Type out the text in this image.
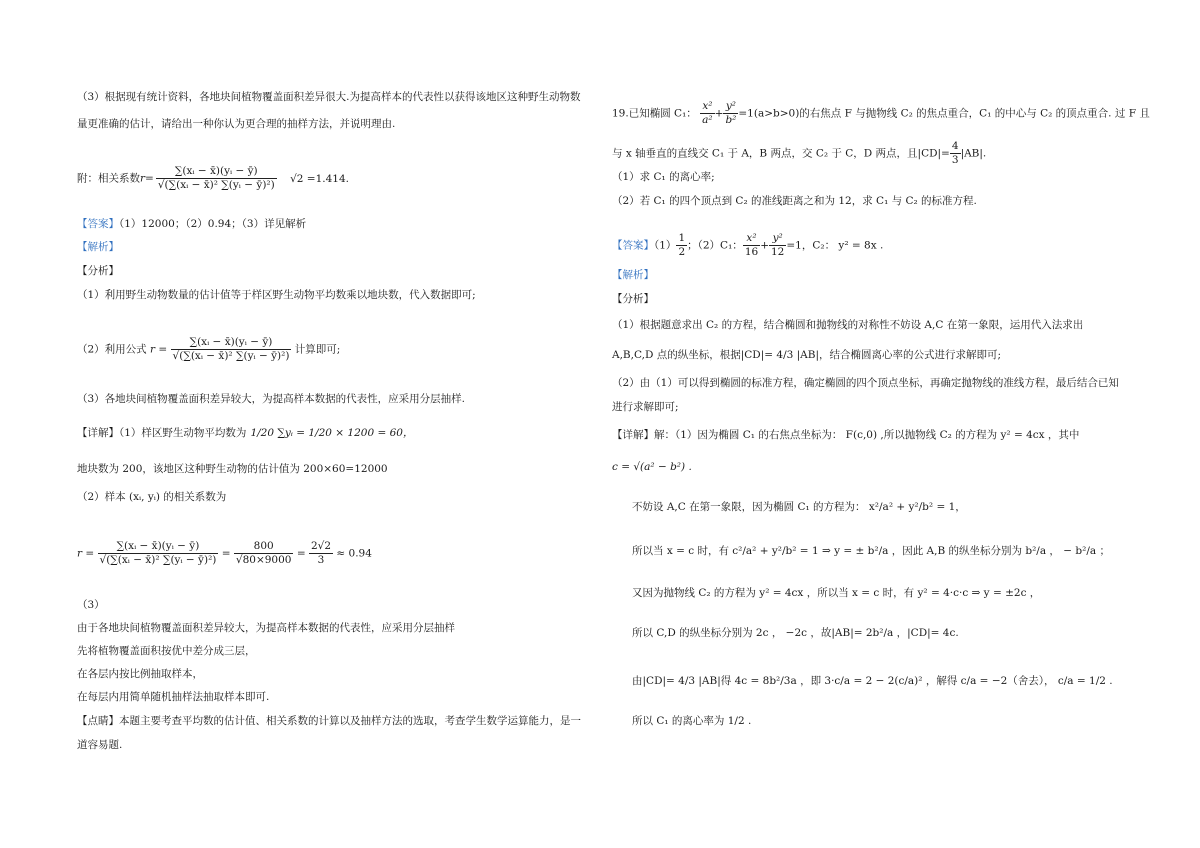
（3）根据现有统计资料，各地块间植物覆盖面积差异很大.为提高样本的代表性以获得该地区这种野生动物数
量更准确的估计，请给出一种你认为更合理的抽样方法，并说明理由.
附：相关系数$r= \frac{\text{∑(xᵢ − x̄)(yᵢ − ȳ)}}{\text{√(∑(xᵢ − x̄)² ∑(yᵢ − ȳ)²)}} √2 =1.414$.
【答案】（1）12000；（2）0.94；（3）详见解析
【解析】
【分析】
（1）利用野生动物数量的估计值等于样区野生动物平均数乘以地块数，代入数据即可;
（2）利用公式 $r = \frac{\text{∑(xᵢ − x̄)(yᵢ − ȳ)}}{\text{√(∑(xᵢ − x̄)² ∑(yᵢ − ȳ)²)}}$ 计算即可;
（3）各地块间植物覆盖面积差异较大，为提高样本数据的代表性，应采用分层抽样.
【详解】（1）样区野生动物平均数为 1/20 ∑yᵢ = 1/20 × 1200 = 60，
地块数为 200，该地区这种野生动物的估计值为 200×60=12000
（2）样本 (xᵢ, yᵢ) 的相关系数为
$r = \frac{\text{∑(xᵢ − x̄)(yᵢ − ȳ)}}{\text{√(∑(xᵢ − x̄)² ∑(yᵢ − ȳ)²)}} = \frac{800}{√80\times 9000} = \frac{2√2}{3} \approx 0.94$
（3）
由于各地块间植物覆盖面积差异较大，为提高样本数据的代表性，应采用分层抽样
先将植物覆盖面积按优中差分成三层，
在各层内按比例抽取样本，
在每层内用简单随机抽样法抽取样本即可.
【点睛】本题主要考查平均数的估计值、相关系数的计算以及抽样方法的选取，考查学生数学运算能力，是一
道容易题.
19.已知椭圆 C₁： $\frac{\text{x²}}{\text{a²}} + \frac{\text{y²}}{\text{b²}} =1(a>b>0)$的右焦点 F 与抛物线 C₂ 的焦点重合，C₁ 的中心与 C₂ 的顶点重合. 过 F 且
与 x 轴垂直的直线交 C₁ 于 A，B 两点，交 C₂ 于 C，D 两点，且$|CD|= \frac{4}{3} |AB|$.
（1）求 C₁ 的离心率;
（2）若 C₁ 的四个顶点到 C₂ 的准线距离之和为 12，求 C₁ 与 C₂ 的标准方程.
【答案】$(1) \frac{1}{2}$ ；（2）C₁： $\frac{\text{x²}}{16} + \frac{\text{y²}}{12} =1$，C₂： y² = 8x .
【解析】
【分析】
（1）根据题意求出 C₂ 的方程，结合椭圆和抛物线的对称性不妨设 A,C 在第一象限，运用代入法求出
A,B,C,D 点的纵坐标，根据|CD|= 4/3 |AB|，结合椭圆离心率的公式进行求解即可;
（2）由（1）可以得到椭圆的标准方程，确定椭圆的四个顶点坐标，再确定抛物线的准线方程，最后结合已知
进行求解即可;
【详解】解：（1）因为椭圆 C₁ 的右焦点坐标为： F(c,0) ,所以抛物线 C₂ 的方程为 y² = 4cx ，其中
c = √(a² − b²) .
不妨设 A,C 在第一象限，因为椭圆 C₁ 的方程为： x²/a² + y²/b² = 1，
所以当 x = c 时，有 c²/a² + y²/b² = 1 ⇒ y = ± b²/a ，因此 A,B 的纵坐标分别为 b²/a ， − b²/a ；
又因为抛物线 C₂ 的方程为 y² = 4cx ，所以当 x = c 时，有 y² = 4·c·c ⇒ y = ±2c ，
所以 C,D 的纵坐标分别为 2c ， −2c ，故|AB|= 2b²/a ，|CD|= 4c.
由|CD|= 4/3 |AB|得 4c = 8b²/3a ，即 3·c/a = 2 − 2(c/a)² ，解得 c/a = −2（舍去）， c/a = 1/2 .
所以 C₁ 的离心率为 1/2 .
